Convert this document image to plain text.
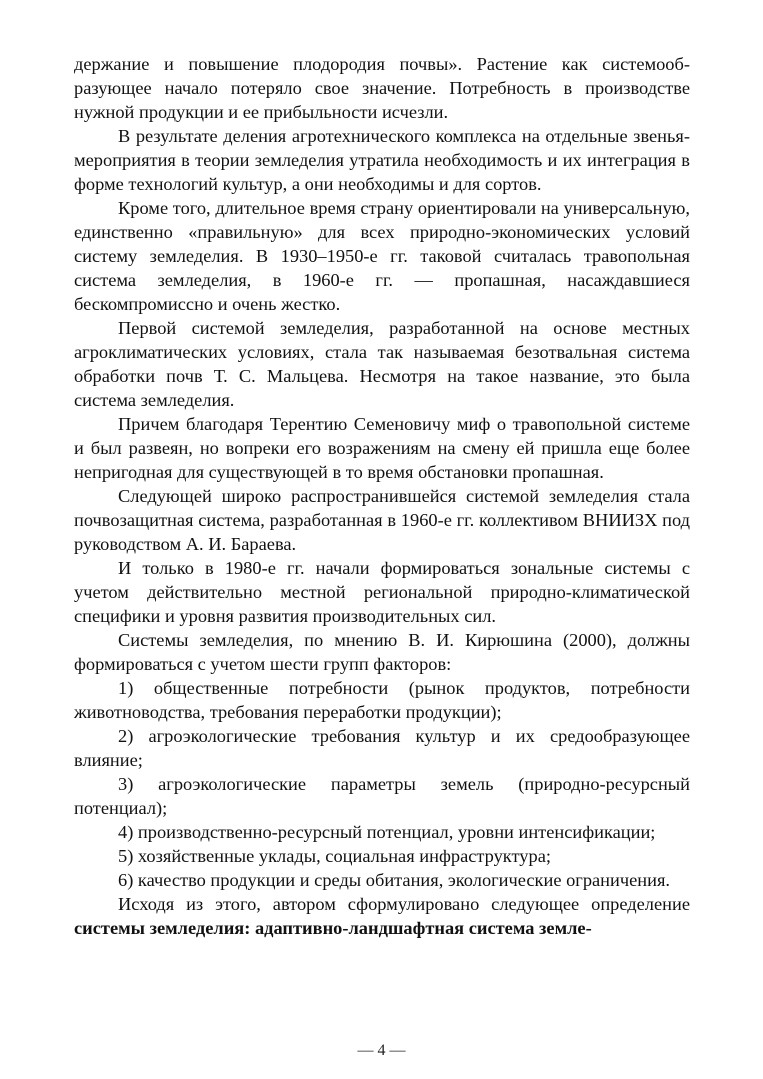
держание и повышение плодородия почвы». Растение как системообразующее начало потеряло свое значение. Потребность в производстве нужной продукции и ее прибыльности исчезли.

В результате деления агротехнического комплекса на отдельные звенья-мероприятия в теории земледелия утратила необходимость и их интеграция в форме технологий культур, а они необходимы и для сортов.

Кроме того, длительное время страну ориентировали на универсальную, единственно «правильную» для всех природно-экономических условий систему земледелия. В 1930–1950-е гг. таковой считалась травопольная система земледелия, в 1960-е гг. — пропашная, насаждавшиеся бескомпромиссно и очень жестко.

Первой системой земледелия, разработанной на основе местных агроклиматических условиях, стала так называемая безотвальная система обработки почв Т. С. Мальцева. Несмотря на такое название, это была система земледелия.

Причем благодаря Терентию Семеновичу миф о травопольной системе и был развеян, но вопреки его возражениям на смену ей пришла еще более непригодная для существующей в то время обстановки пропашная.

Следующей широко распространившейся системой земледелия стала почвозащитная система, разработанная в 1960-е гг. коллективом ВНИИЗХ под руководством А. И. Бараева.

И только в 1980-е гг. начали формироваться зональные системы с учетом действительно местной региональной природно-климатической специфики и уровня развития производительных сил.

Системы земледелия, по мнению В. И. Кирюшина (2000), должны формироваться с учетом шести групп факторов:

1) общественные потребности (рынок продуктов, потребности животноводства, требования переработки продукции);

2) агроэкологические требования культур и их средообразующее влияние;

3) агроэкологические параметры земель (природно-ресурсный потенциал);

4) производственно-ресурсный потенциал, уровни интенсификации;

5) хозяйственные уклады, социальная инфраструктура;

6) качество продукции и среды обитания, экологические ограничения.

Исходя из этого, автором сформулировано следующее определение системы земледелия: адаптивно-ландшафтная система земле-

— 4 —
